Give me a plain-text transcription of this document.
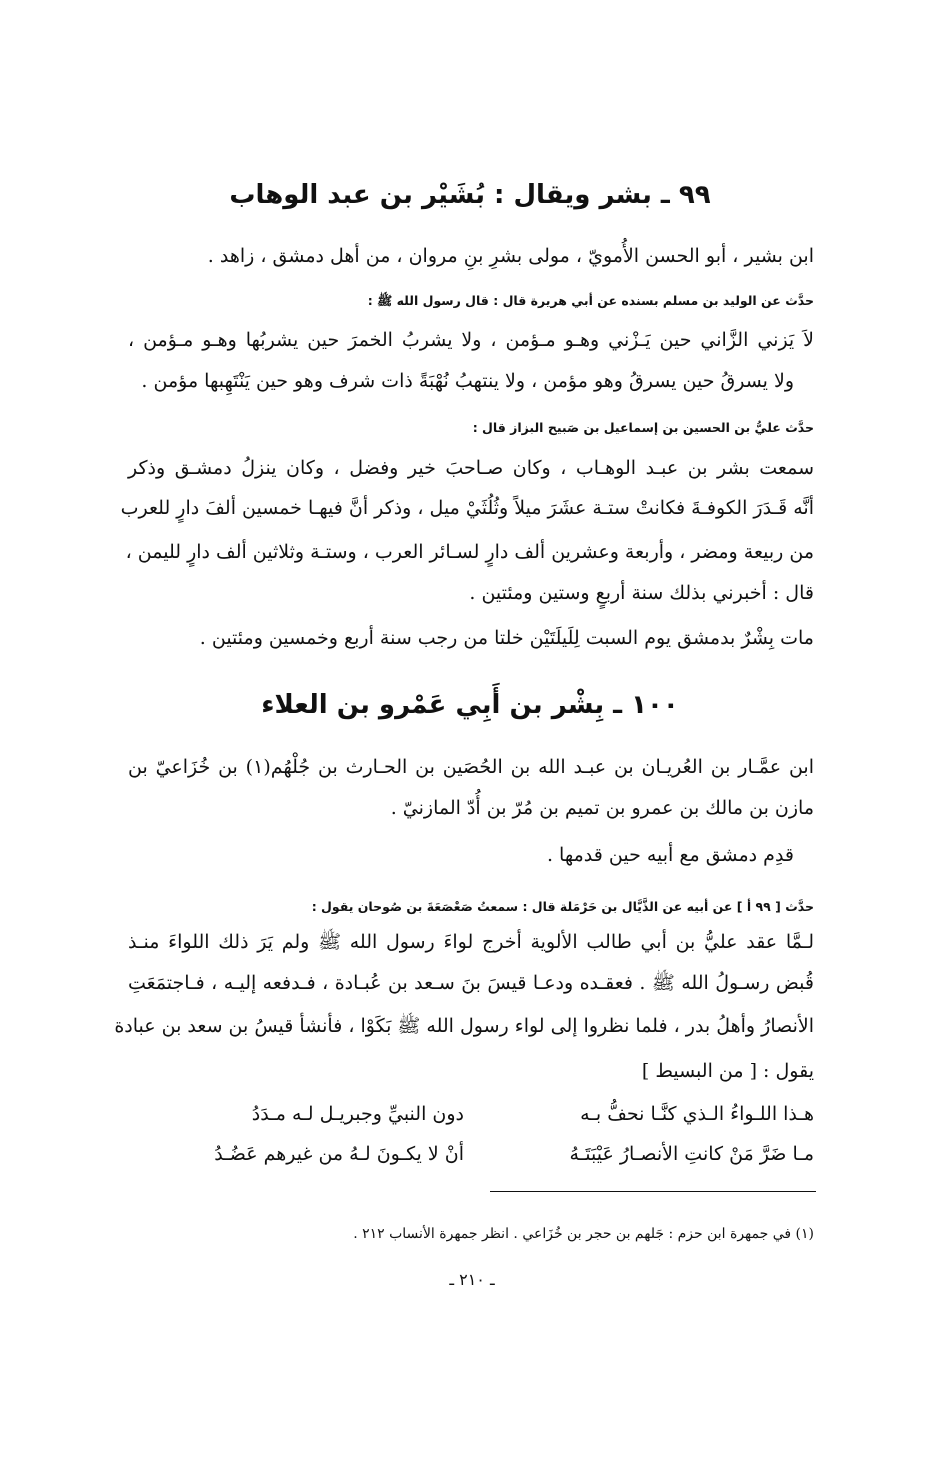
٩٩ ـ بشر ويقال : بُشَيْر بن عبد الوهاب
ابن بشير ، أبو الحسن الأُمويّ ، مولى بشرِ بنِ مروان ، من أهل دمشق ، زاهد .
حدَّث عن الوليد بن مسلم بسنده عن أبي هريرة قال : قال رسول الله ﷺ :
لاَ يَزني الزَّاني حين يَـزْني وهـو مـؤمن ، ولا يشربُ الخمرَ حين يشربُها وهـو مـؤمن ،
ولا يسرقُ حين يسرقُ وهو مؤمن ، ولا ينتهبُ نُهْبَةً ذات شرف وهو حين يَنْتَهِبها مؤمن .
حدَّث عليُّ بن الحسين بن إسماعيل بن صَبيح البزاز قال :
سمعت بشر بن عبـد الوهـاب ، وكان صـاحبَ خير وفضل ، وكان ينزلُ دمشـق وذكر
أنَّه قَـدَرَ الكوفـةَ فكانتْ ستـة عشَرَ ميلاً وثُلُثَيْ ميل ، وذكر أنَّ فيهـا خمسين ألفَ دارٍ للعرب
من ربيعة ومضر ، وأربعة وعشرين ألف دارٍ لسـائر العرب ، وستـة وثلاثين ألف دارٍ لليمن ،
قال : أخبرني بذلك سنة أربعٍ وستين ومئتين .
مات بِشْرٌ بدمشق يوم السبت لِلَيلَتَيْن خلتا من رجب سنة أربع وخمسين ومئتين .
١٠٠ ـ بِشْر بن أَبِي عَمْرو بن العلاء
ابن عمَّـار بن العُريـان بن عبـد الله بن الحُصَين بن الحـارث بن جُلْهُم(١) بن خُزَاعيّ بن
مازن بن مالك بن عمرو بن تميم بن مُرّ بن أُدّ المازنيّ .
قدِم دمشق مع أبيه حين قدمها .
حدَّث [ ٩٩ أ ] عن أبيه عن الذَّيَّال بن حَرْمَلة قال : سمعتُ صَعْصَعَةَ بن صُوحان يقول :
لـمَّا عقد عليُّ بن أبي طالب الألوية أخرج لواءَ رسول الله ﷺ ولم يَرَ ذلك اللواءَ منـذ
قُبض رسـولُ الله ﷺ . فعقـده ودعـا قيسَ بنَ سـعد بن عُبـادة ، فـدفعه إليـه ، فـاجتمَعَتِ
الأنصارُ وأهلُ بدر ، فلما نظروا إلى لواء رسول الله ﷺ بَكَوْا ، فأنشأ قيسُ بن سعد بن عبادة
يقول : [ من البسيط ]
هـذا اللـواءُ الـذي كنَّـا نحفُّ بـه
دون النبيِّ وجبريـل لـه مـدَدُ
مـا ضَرَّ مَنْ كانتِ الأنصـارُ عَيْبَتَـهُ
أنْ لا يكـونَ لـهُ من غيرهم عَضُـدُ
(١) في جمهرة ابن حزم : جَلهم بن حجر بن خُزَاعي . انظر جمهرة الأنساب ٢١٢ .
ـ ٢١٠ ـ
